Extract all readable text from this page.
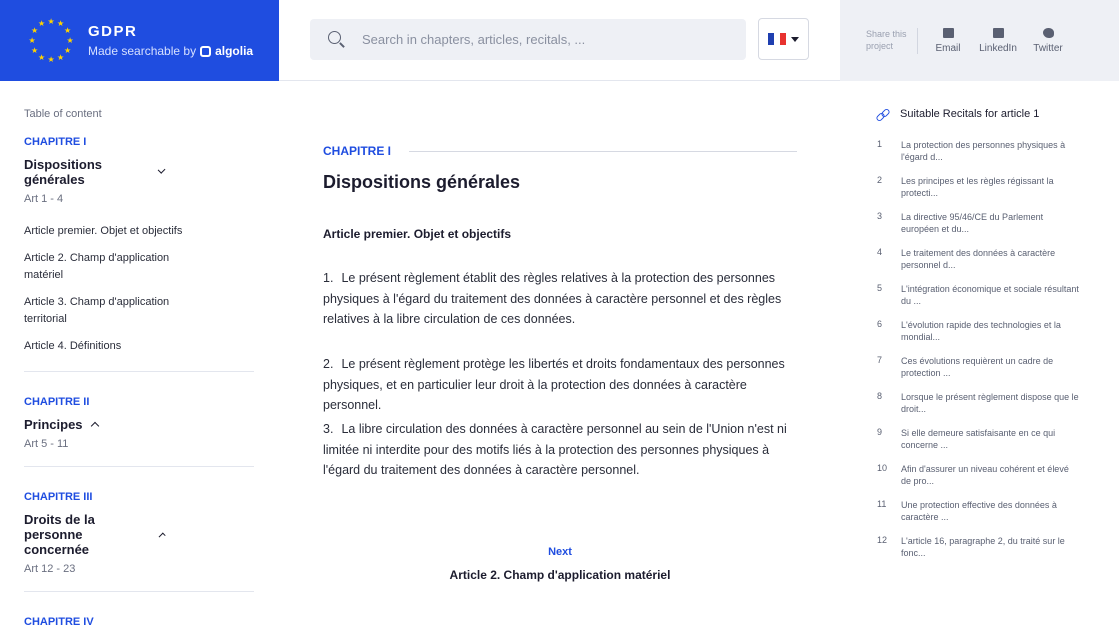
★ ★
★
★
★
★
★
★
★
★
★
★	GDPR
Made searchable by algolia
Search in chapters, articles, recitals, ...
Share this project	Email LinkedIn Twitter
Table of content
CHAPITRE I
Dispositions générales
Art 1 - 4
Article premier. Objet et objectifs
Article 2. Champ d'application matériel
Article 3. Champ d'application territorial
Article 4. Définitions
CHAPITRE II
Principes
Art 5 - 11
CHAPITRE III
Droits de la personne concernée
Art 12 - 23
CHAPITRE IV
CHAPITRE I
Dispositions générales
Article premier. Objet et objectifs
1. Le présent règlement établit des règles relatives à la protection des personnes physiques à l'égard du traitement des données à caractère personnel et des règles relatives à la libre circulation de ces données.
2. Le présent règlement protège les libertés et droits fondamentaux des personnes physiques, et en particulier leur droit à la protection des données à caractère personnel.
3. La libre circulation des données à caractère personnel au sein de l'Union n'est ni limitée ni interdite pour des motifs liés à la protection des personnes physiques à l'égard du traitement des données à caractère personnel.
Next
Article 2. Champ d'application matériel
Suitable Recitals for article 1
1	La protection des personnes physiques à l'égard d...
2	Les principes et les règles régissant la protecti...
3	La directive 95/46/CE du Parlement européen et du...
4	Le traitement des données à caractère personnel d...
5	L'intégration économique et sociale résultant du ...
6	L'évolution rapide des technologies et la mondial...
7	Ces évolutions requièrent un cadre de protection ...
8	Lorsque le présent règlement dispose que le droit...
9	Si elle demeure satisfaisante en ce qui concerne ...
10	Afin d'assurer un niveau cohérent et élevé de pro...
11	Une protection effective des données à caractère ...
12	L'article 16, paragraphe 2, du traité sur le fonc...
